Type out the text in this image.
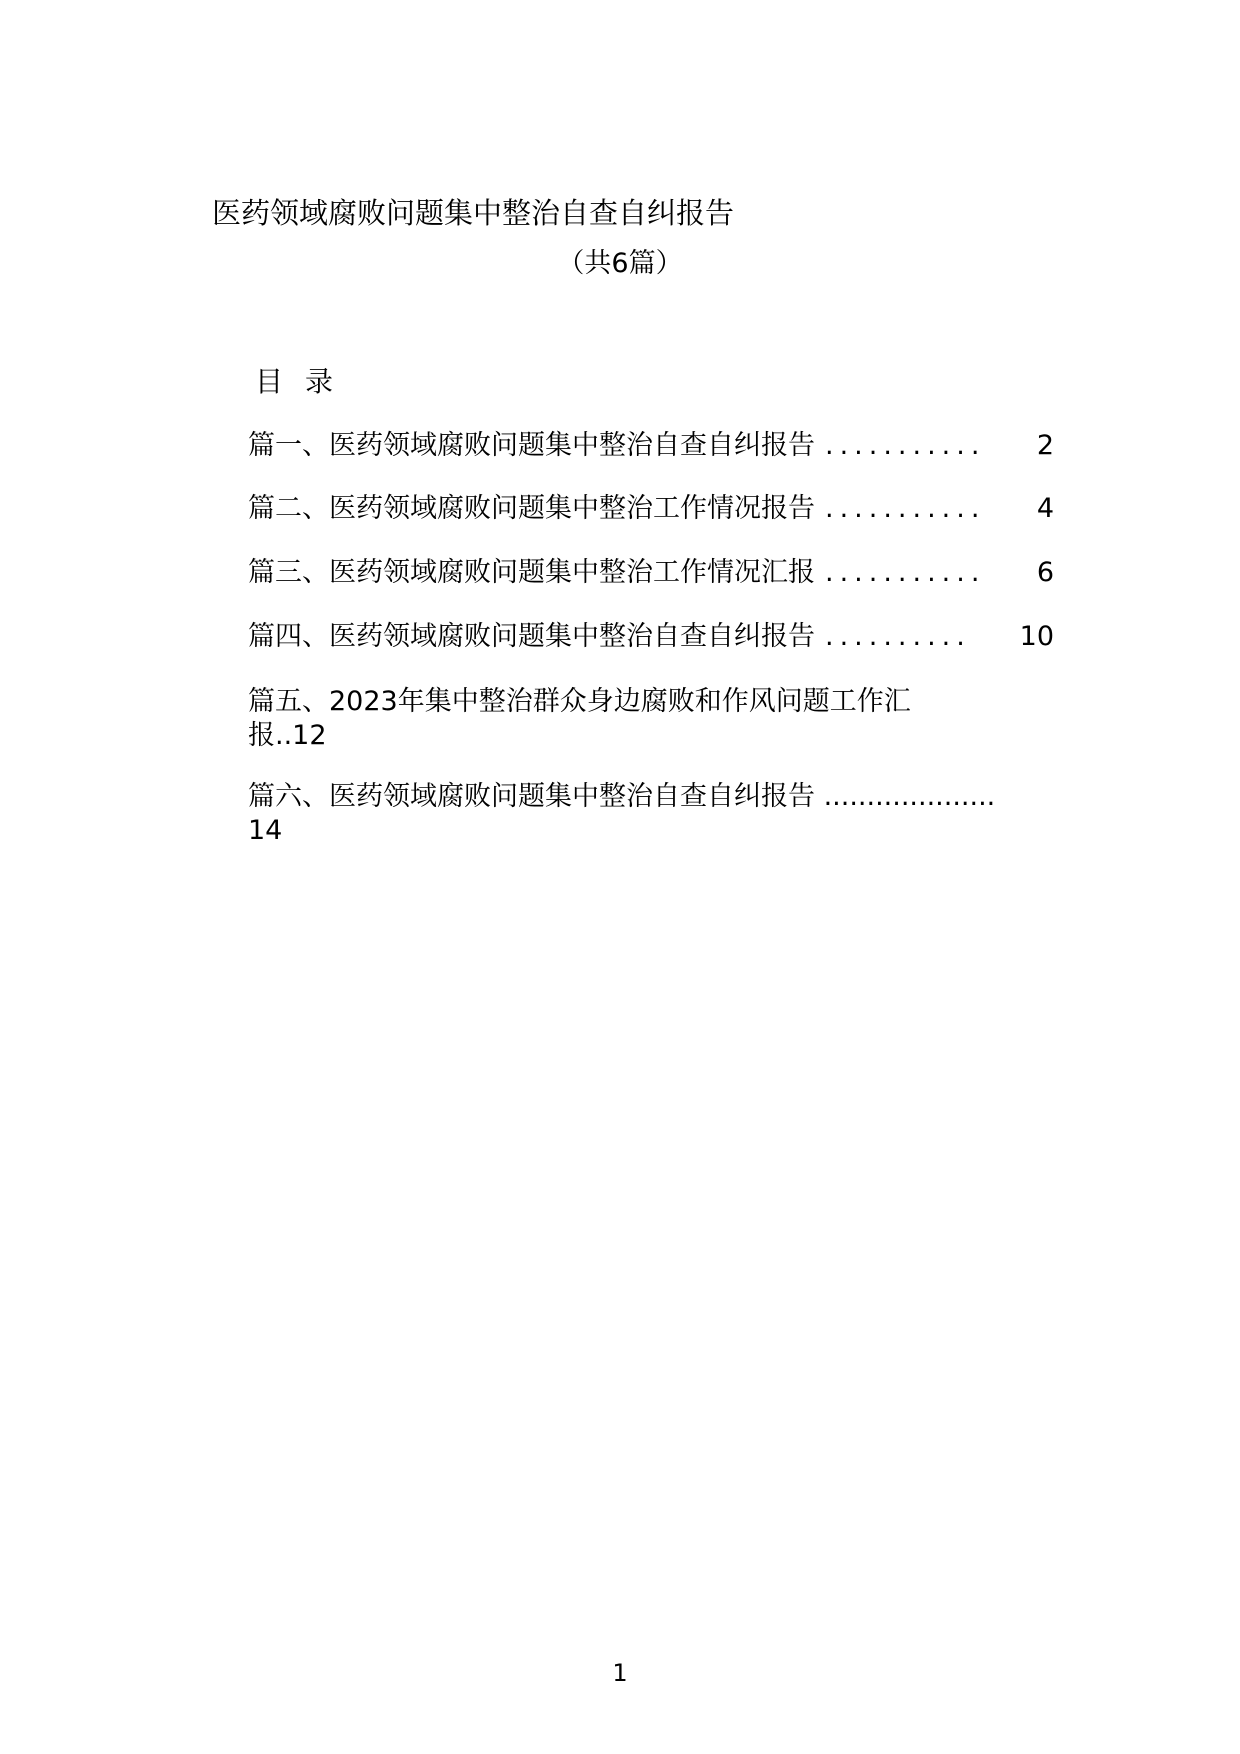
医药领域腐败问题集中整治自查自纠报告
（共6篇）
目录
篇一、医药领域腐败问题集中整治自查自纠报告 ...........	2
篇二、医药领域腐败问题集中整治工作情况报告 ...........	4
篇三、医药领域腐败问题集中整治工作情况汇报 ...........	6
篇四、医药领域腐败问题集中整治自查自纠报告 ..........	10
篇五、2023年集中整治群众身边腐败和作风问题工作汇
报..12
篇六、医药领域腐败问题集中整治自查自纠报告 ....................
14
1
